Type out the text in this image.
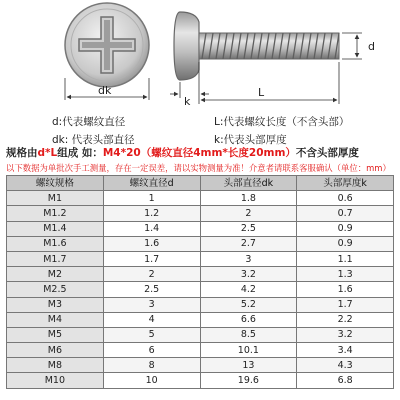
dk
k
L
d
d:代表螺纹直径	L:代表螺纹长度（不含头部）
dk: 代表头部直径	k:代表头部厚度
规格由d*L组成 如：M4*20（螺纹直径4mm*长度20mm）不含头部厚度
以下数据为单批次手工测量，存在一定误差，请以实物测量为准！介意者请联系客服确认（单位：mm）
螺纹规格	螺纹直径d	头部直径dk	头部厚度k
M1	1	1.8	0.6
M1.2	1.2	2	0.7
M1.4	1.4	2.5	0.9
M1.6	1.6	2.7	0.9
M1.7	1.7	3	1.1
M2	2	3.2	1.3
M2.5	2.5	4.2	1.6
M3	3	5.2	1.7
M4	4	6.6	2.2
M5	5	8.5	3.2
M6	6	10.1	3.4
M8	8	13	4.3
M10	10	19.6	6.8
